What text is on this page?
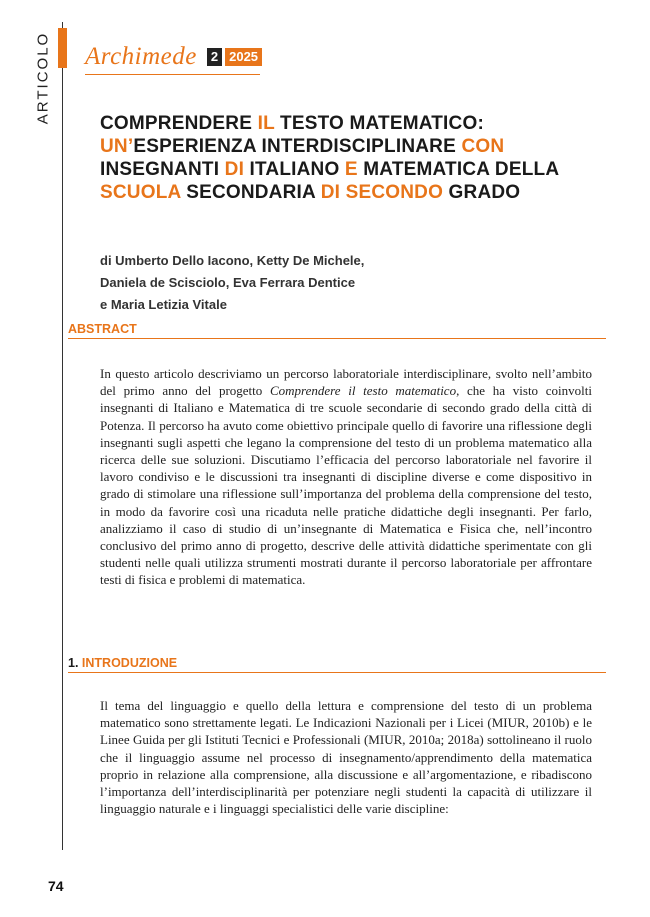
ARTICOLO Archimede	2 2025
COMPRENDERE IL TESTO MATEMATICO: UN’ESPERIENZA INTERDISCIPLINARE CON INSEGNANTI DI ITALIANO E MATEMATICA DELLA SCUOLA SECONDARIA DI SECONDO GRADO
di Umberto Dello Iacono, Ketty De Michele,
Daniela de Scisciolo, Eva Ferrara Dentice
e Maria Letizia Vitale
ABSTRACT
In questo articolo descriviamo un percorso laboratoriale interdisciplinare, svolto nell’ambito del primo anno del progetto Comprendere il testo matematico, che ha visto coinvolti insegnanti di Italiano e Matematica di tre scuole secondarie di secondo grado della città di Potenza. Il percorso ha avuto come obiettivo principale quello di favorire una riflessione degli insegnanti sugli aspetti che legano la comprensione del testo di un problema matematico alla ricerca delle sue soluzioni. Discutiamo l’efficacia del percorso laboratoriale nel favorire il lavoro condiviso e le discussioni tra insegnanti di discipline diverse e come dispositivo in grado di stimolare una riflessione sull’importanza del problema della comprensione del testo, in modo da favorire così una ricaduta nelle pratiche didattiche degli insegnanti. Per farlo, analizziamo il caso di studio di un’insegnante di Matematica e Fisica che, nell’incontro conclusivo del primo anno di progetto, descrive delle attività didattiche sperimentate con gli studenti nelle quali utilizza strumenti mostrati durante il percorso laboratoriale per affrontare testi di fisica e problemi di matematica.
1. INTRODUZIONE
Il tema del linguaggio e quello della lettura e comprensione del testo di un problema matematico sono strettamente legati. Le Indicazioni Nazionali per i Licei (MIUR, 2010b) e le Linee Guida per gli Istituti Tecnici e Professionali (MIUR, 2010a; 2018a) sottolineano il ruolo che il linguaggio assume nel processo di insegnamento/apprendimento della matematica proprio in relazione alla comprensione, alla discussione e all’argomentazione, e ribadiscono l’importanza dell’interdisciplinarità per potenziare negli studenti la capacità di utilizzare il linguaggio naturale e i linguaggi specialistici delle varie discipline:
74
